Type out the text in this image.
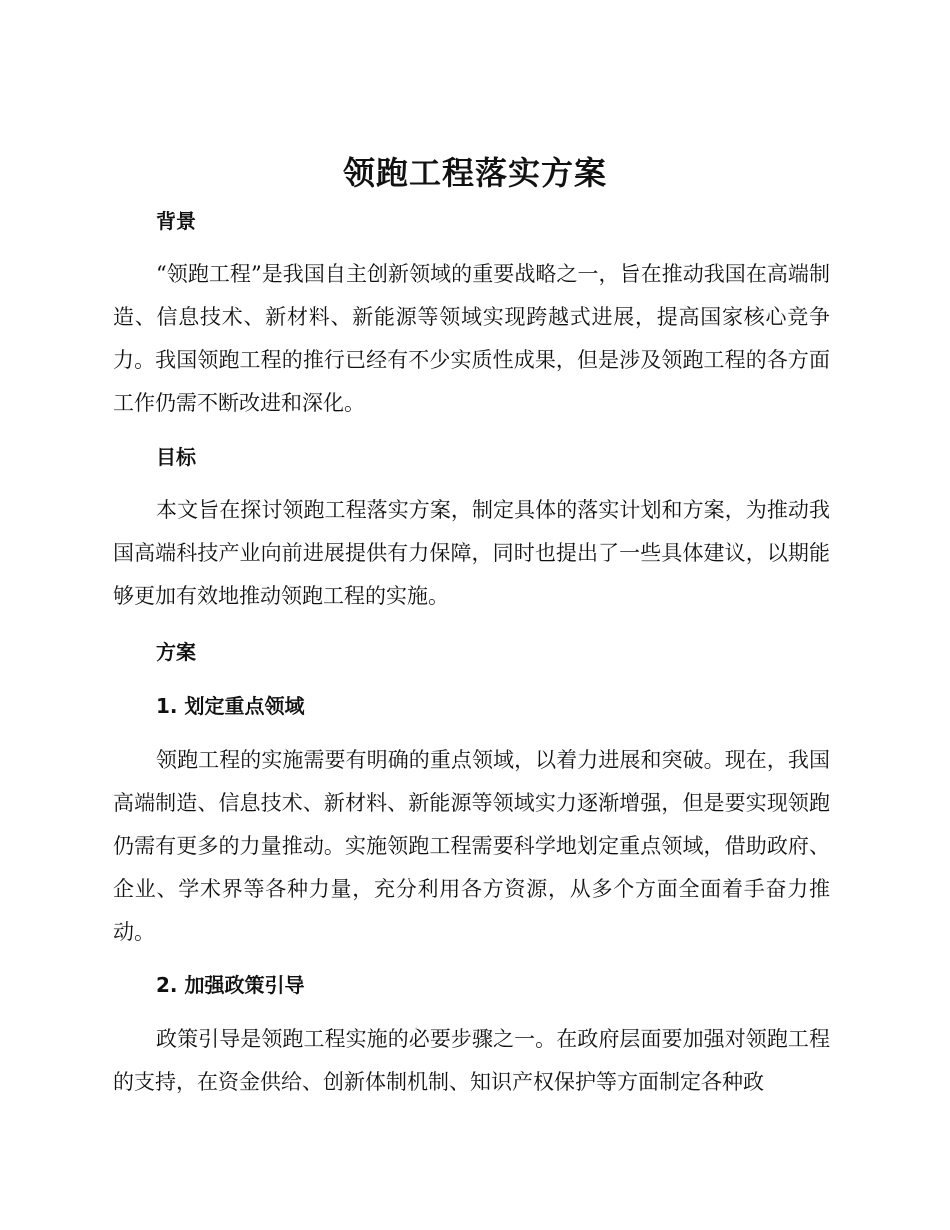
领跑工程落实方案
背景

“领跑工程”是我国自主创新领域的重要战略之一，旨在推动我国在高端制造、信息技术、新材料、新能源等领域实现跨越式进展，提高国家核心竞争力。我国领跑工程的推行已经有不少实质性成果，但是涉及领跑工程的各方面工作仍需不断改进和深化。

目标

本文旨在探讨领跑工程落实方案，制定具体的落实计划和方案，为推动我国高端科技产业向前进展提供有力保障，同时也提出了一些具体建议，以期能够更加有效地推动领跑工程的实施。

方案
1. 划定重点领域

领跑工程的实施需要有明确的重点领域，以着力进展和突破。现在，我国高端制造、信息技术、新材料、新能源等领域实力逐渐增强，但是要实现领跑仍需有更多的力量推动。实施领跑工程需要科学地划定重点领域，借助政府、企业、学术界等各种力量，充分利用各方资源，从多个方面全面着手奋力推动。

2. 加强政策引导

政策引导是领跑工程实施的必要步骤之一。在政府层面要加强对领跑工程的支持，在资金供给、创新体制机制、知识产权保护等方面制定各种政
